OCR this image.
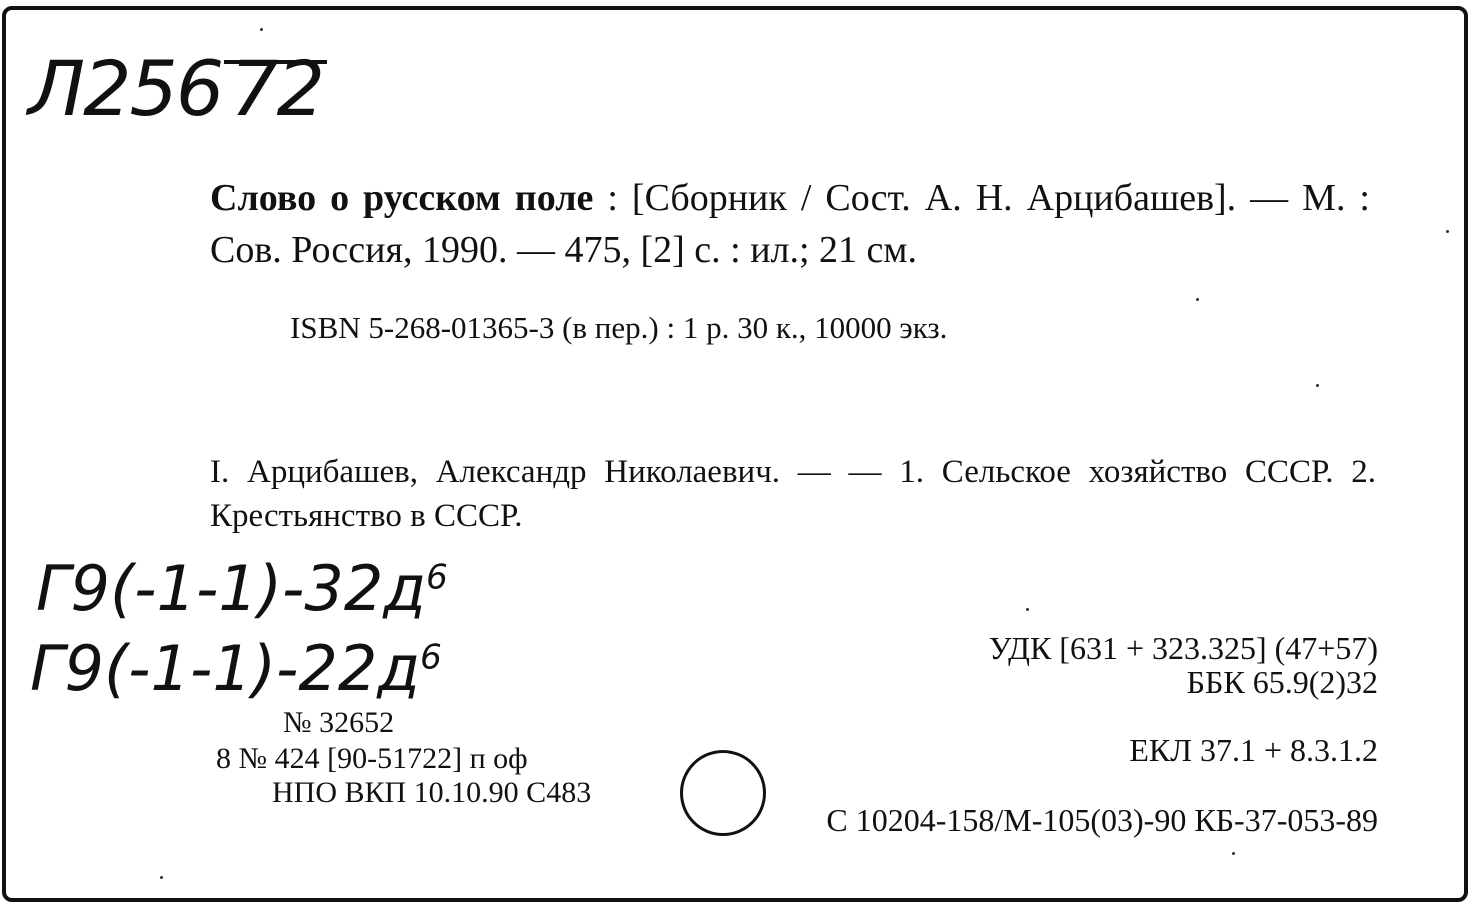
Л256 72
Слово о русском поле : [Сборник / Сост. А. Н. Арцибашев]. — М. : Сов. Россия, 1990. — 475, [2] с. : ил.; 21 см.
ISBN 5-268-01365-3 (в пер.) : 1 р. 30 к., 10000 экз.
I. Арцибашев, Александр Николаевич. — — 1. Сельское хозяйство СССР. 2. Крестьянство в СССР.
$Г9(-1-1)-32д^6$
$Г9(-1-1)-22д^6$	УДК [631 + 323.325] (47+57)
ББК 65.9(2)32
№ 32652
8 № 424 [90-51722] п оф
НПО ВКП 10.10.90 С483
ЕКЛ 37.1 + 8.3.1.2
С 10204-158/М-105(03)-90 КБ-37-053-89
